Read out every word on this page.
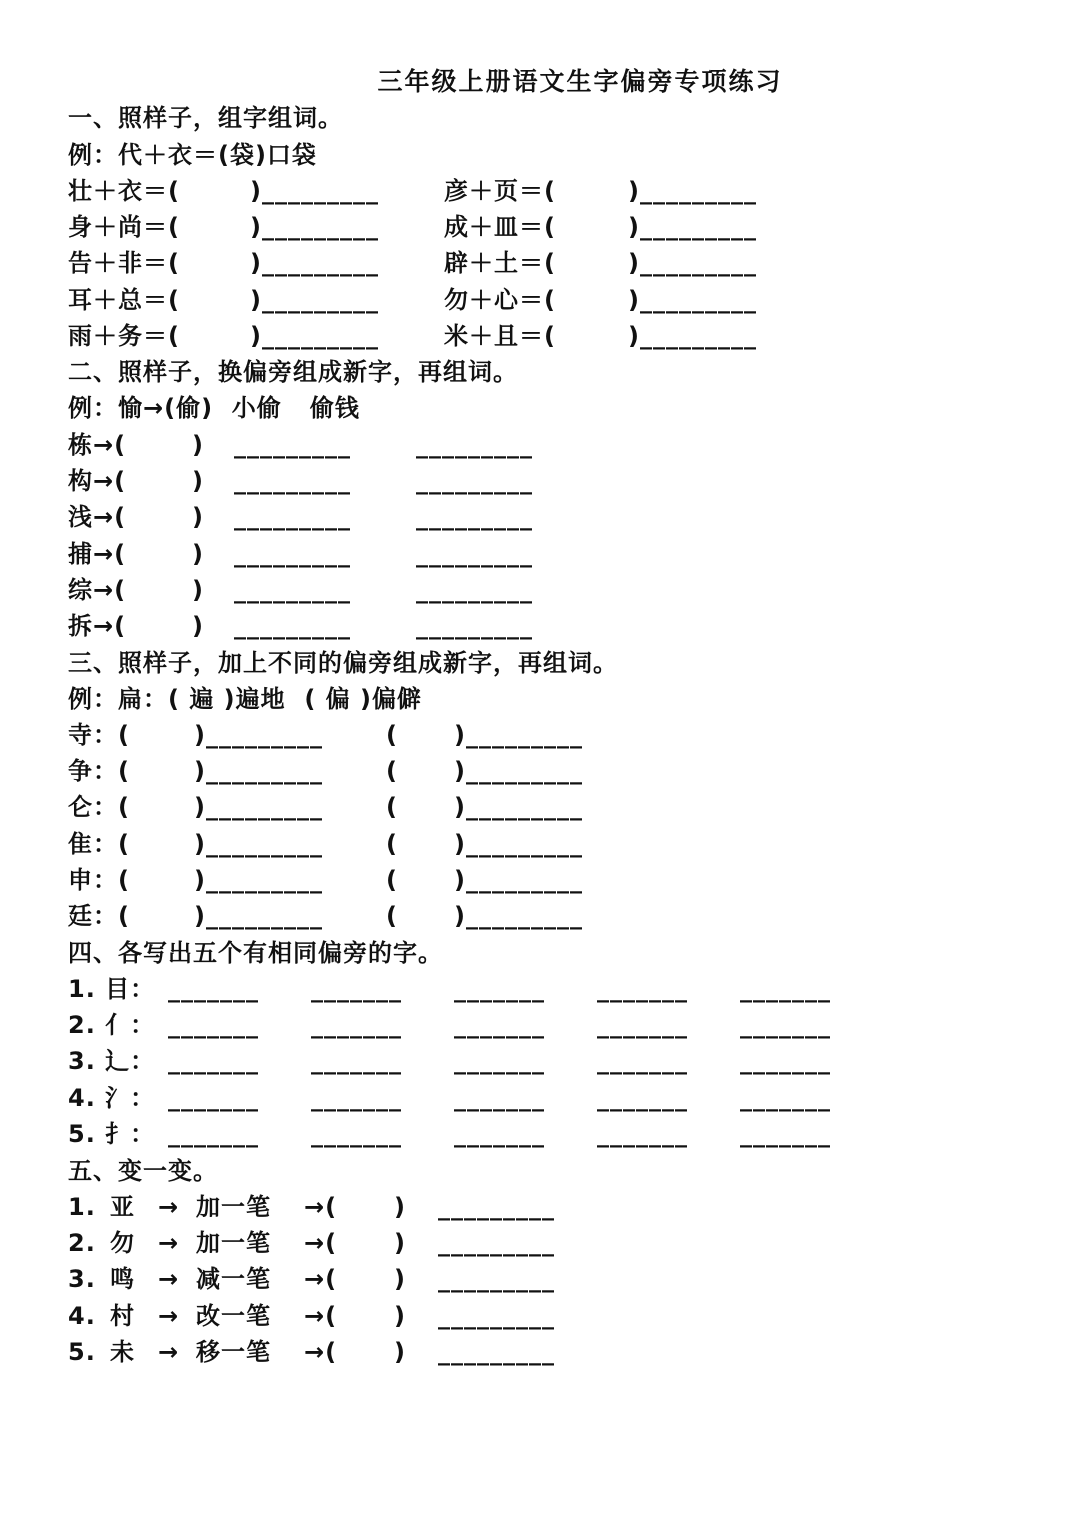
三年级上册语文生字偏旁专项练习
一、照样子，组字组词。
例：代＋衣＝(袋)口袋
壮＋衣＝(	)_________	彦＋页＝(	)_________
身＋尚＝(	)_________	成＋皿＝(	)_________
告＋非＝(	)_________	辟＋土＝(	)_________
耳＋总＝(	)_________	勿＋心＝(	)_________
雨＋务＝(	)_________	米＋且＝(	)_________
二、照样子，换偏旁组成新字，再组词。
例：愉→(偷)  小偷   偷钱
栋→(	) _________	_________
构→(	) _________	_________
浅→(	) _________	_________
捕→(	) _________	_________
综→(	) _________	_________
拆→(	) _________	_________
三、照样子，加上不同的偏旁组成新字，再组词。
例：扁：( 遍 )遍地  ( 偏 )偏僻
寺：(	)_________	( )_________
争：(	)_________	( )_________
仑：(	)_________	( )_________
隹：(	)_________	( )_________
申：(	)_________	( )_________
廷：(	)_________	( )_________
四、各写出五个有相同偏旁的字。
1. 目： _______ _______ _______ _______ _______
2. 亻： _______ _______ _______ _______ _______
3. 辶： _______ _______ _______ _______ _______
4. 氵： _______ _______ _______ _______ _______
5. 扌： _______ _______ _______ _______ _______
五、变一变。
1. 亚 → 加一笔 →( ) _________
2. 勿 → 加一笔 →( ) _________
3. 鸣 → 减一笔 →( ) _________
4. 村 → 改一笔 →( ) _________
5. 未 → 移一笔 →( ) _________
